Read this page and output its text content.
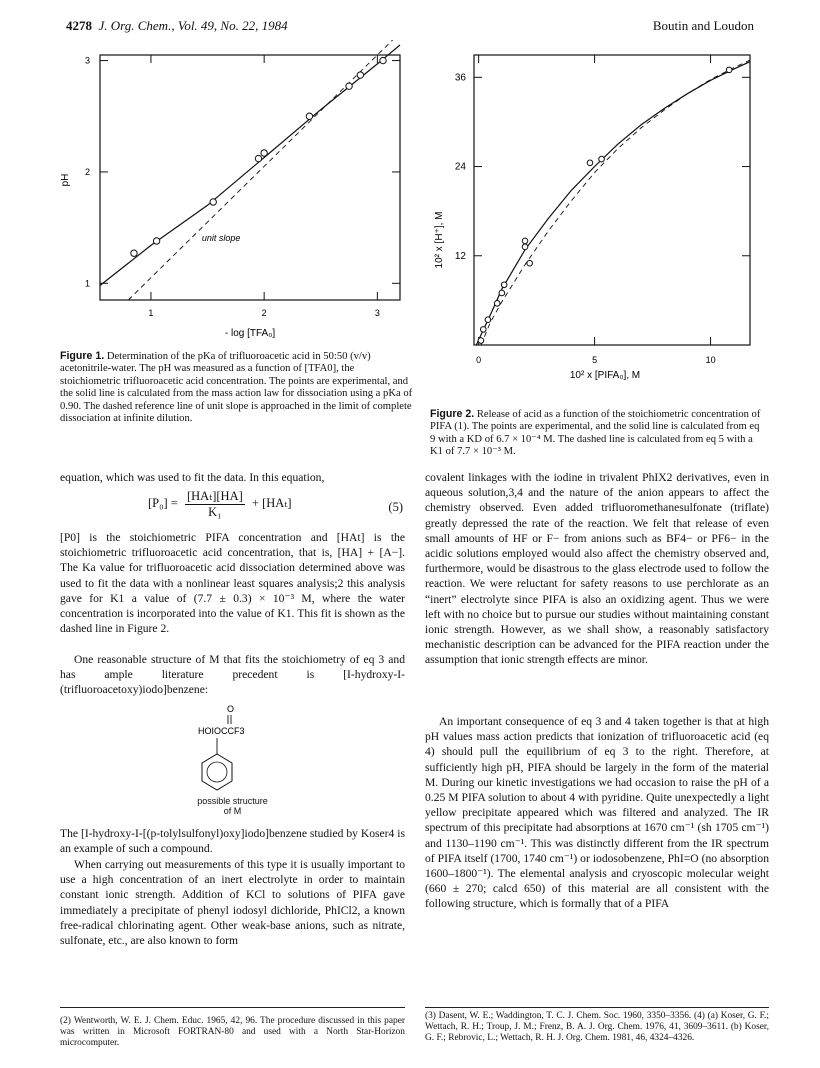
4278 J. Org. Chem., Vol. 49, No. 22, 1984	Boutin and Loudon
1	2	3
1
2
3
unit slope
pH
- log [TFA₀]
Figure 1. Determination of the pKa of trifluoroacetic acid in 50:50 (v/v) acetonitrile-water. The pH was measured as a function of [TFA0], the stoichiometric trifluoroacetic acid concentration. The points are experimental, and the solid line is calculated from the mass action law for dissociation using a pKa of 0.90. The dashed reference line of unit slope is approached in the limit of complete dissociation at infinite dilution.
0	5	10
12
24
36
10² x [H⁺], M
10² x [PIFA₀], M
Figure 2. Release of acid as a function of the stoichiometric concentration of PIFA (1). The points are experimental, and the solid line is calculated from eq 9 with a KD of 6.7 × 10⁻⁴ M. The dashed line is calculated from eq 5 with a K1 of 7.7 × 10⁻³ M.
equation, which was used to fit the data. In this equation,
$[P_0] = \frac{\text{[HAₜ][HA]}}{\text{K₁}} + [HA_t]$	(5)
[P0] is the stoichiometric PIFA concentration and [HAt] is the stoichiometric trifluoroacetic acid concentration, that is, [HA] + [A−]. The Ka value for trifluoroacetic acid dissociation determined above was used to fit the data with a nonlinear least squares analysis;2 this analysis gave for K1 a value of (7.7 ± 0.3) × 10⁻³ M, where the water concentration is incorporated into the value of K1. This fit is shown as the dashed line in Figure 2.
One reasonable structure of M that fits the stoichiometry of eq 3 and has ample literature precedent is [I-hydroxy-I-(trifluoroacetoxy)iodo]benzene:
O
HOIOCCF3
possible structure
of M
The [I-hydroxy-I-[(p-tolylsulfonyl)oxy]iodo]benzene studied by Koser4 is an example of such a compound.
When carrying out measurements of this type it is usually important to use a high concentration of an inert electrolyte in order to maintain constant ionic strength. Addition of KCl to solutions of PIFA gave immediately a precipitate of phenyl iodosyl dichloride, PhICl2, a known free-radical chlorinating agent. Other weak-base anions, such as nitrate, sulfonate, etc., are also known to form
covalent linkages with the iodine in trivalent PhIX2 derivatives, even in aqueous solution,3,4 and the nature of the anion appears to affect the chemistry observed. Even added trifluoromethanesulfonate (triflate) greatly depressed the rate of the reaction. We felt that release of even small amounts of HF or F− from anions such as BF4− or PF6− in the acidic solutions employed would also affect the chemistry observed and, furthermore, would be disastrous to the glass electrode used to follow the reaction. We were reluctant for safety reasons to use perchlorate as an “inert” electrolyte since PIFA is also an oxidizing agent. Thus we were left with no choice but to pursue our studies without maintaining constant ionic strength. However, as we shall show, a reasonably satisfactory mechanistic description can be advanced for the PIFA reaction under the assumption that ionic strength effects are minor.
An important consequence of eq 3 and 4 taken together is that at high pH values mass action predicts that ionization of trifluoroacetic acid (eq 4) should pull the equilibrium of eq 3 to the right. Therefore, at sufficiently high pH, PIFA should be largely in the form of the material M. During our kinetic investigations we had occasion to raise the pH of a 0.25 M PIFA solution to about 4 with pyridine. Quite unexpectedly a light yellow precipitate appeared which was filtered and analyzed. The IR spectrum of this precipitate had absorptions at 1670 cm⁻¹ (sh 1705 cm⁻¹) and 1130–1190 cm⁻¹. This was distinctly different from the IR spectrum of PIFA itself (1700, 1740 cm⁻¹) or iodosobenzene, PhI=O (no absorption 1600–1800⁻¹). The elemental analysis and cryoscopic molecular weight (660 ± 270; calcd 650) of this material are all consistent with the following structure, which is formally that of a PIFA
(2) Wentworth, W. E. J. Chem. Educ. 1965, 42, 96. The procedure discussed in this paper was written in Microsoft FORTRAN-80 and used with a North Star-Horizon microcomputer.
(3) Dasent, W. E.; Waddington, T. C. J. Chem. Soc. 1960, 3350–3356. (4) (a) Koser, G. F.; Wettach, R. H.; Troup, J. M.; Frenz, B. A. J. Org. Chem. 1976, 41, 3609–3611. (b) Koser, G. F.; Rebrovic, L.; Wettach, R. H. J. Org. Chem. 1981, 46, 4324–4326.
